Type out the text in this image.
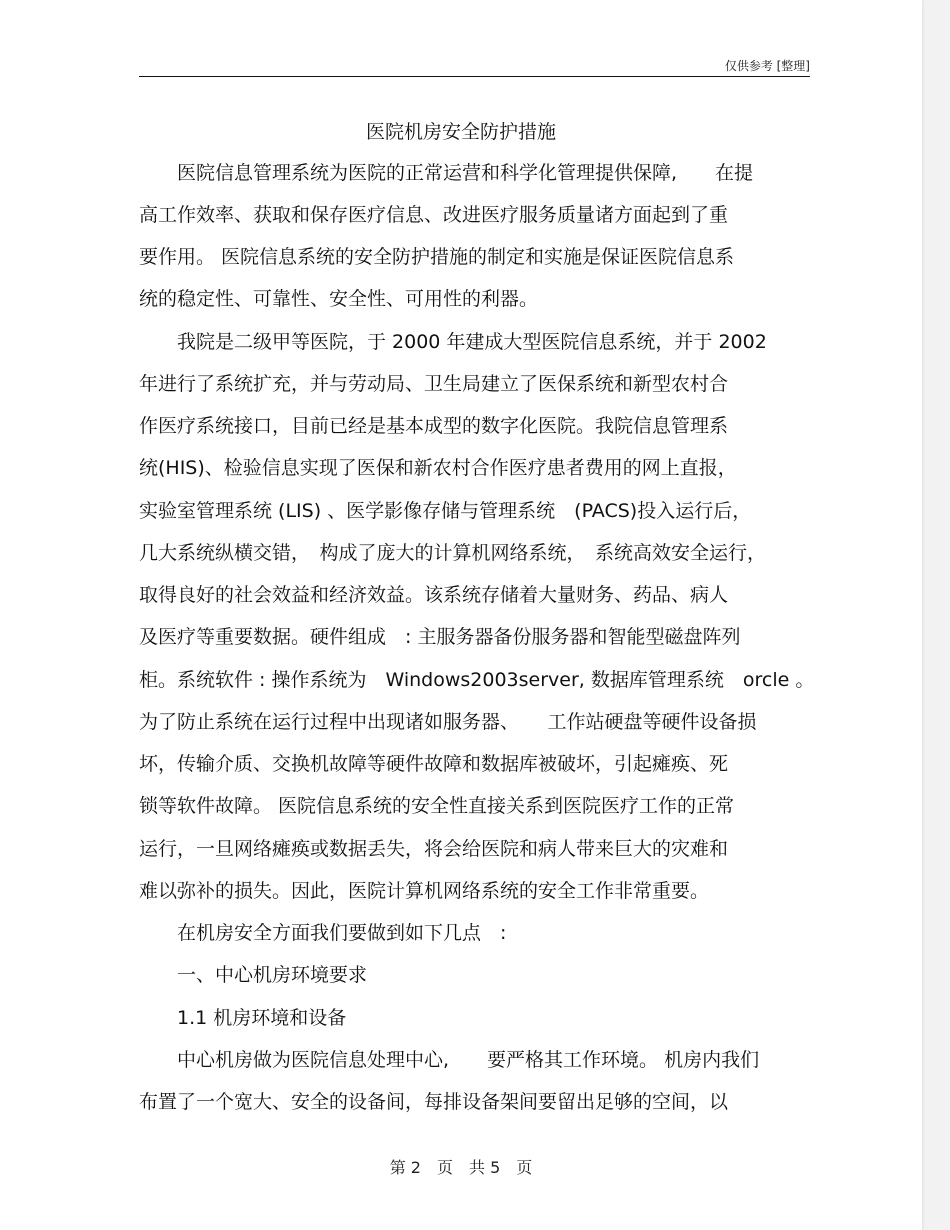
仅供参考 [整理]
医院机房安全防护措施
　　医院信息管理系统为医院的正常运营和科学化管理提供保障,　　在提
高工作效率、获取和保存医疗信息、改进医疗服务质量诸方面起到了重
要作用。 医院信息系统的安全防护措施的制定和实施是保证医院信息系
统的稳定性、可靠性、安全性、可用性的利器。
　　我院是二级甲等医院，于 2000 年建成大型医院信息系统，并于 2002
年进行了系统扩充，并与劳动局、卫生局建立了医保系统和新型农村合
作医疗系统接口，目前已经是基本成型的数字化医院。我院信息管理系
统(HIS)、检验信息实现了医保和新农村合作医疗患者费用的网上直报，
实验室管理系统 (LIS) 、医学影像存储与管理系统　(PACS)投入运行后，
几大系统纵横交错，　构成了庞大的计算机网络系统，　系统高效安全运行，
取得良好的社会效益和经济效益。该系统存储着大量财务、药品、病人
及医疗等重要数据。硬件组成　: 主服务器备份服务器和智能型磁盘阵列
柜。系统软件 : 操作系统为　Windows2003server, 数据库管理系统　orcle 。
为了防止系统在运行过程中出现诸如服务器、　　工作站硬盘等硬件设备损
坏，传输介质、交换机故障等硬件故障和数据库被破坏，引起瘫痪、死
锁等软件故障。 医院信息系统的安全性直接关系到医院医疗工作的正常
运行，一旦网络瘫痪或数据丢失，将会给医院和病人带来巨大的灾难和
难以弥补的损失。因此，医院计算机网络系统的安全工作非常重要。
　　在机房安全方面我们要做到如下几点　:
　　一、中心机房环境要求
　　1.1 机房环境和设备
　　中心机房做为医院信息处理中心,　　要严格其工作环境。 机房内我们
布置了一个宽大、安全的设备间，每排设备架间要留出足够的空间，以
第 2　页　共 5　页
